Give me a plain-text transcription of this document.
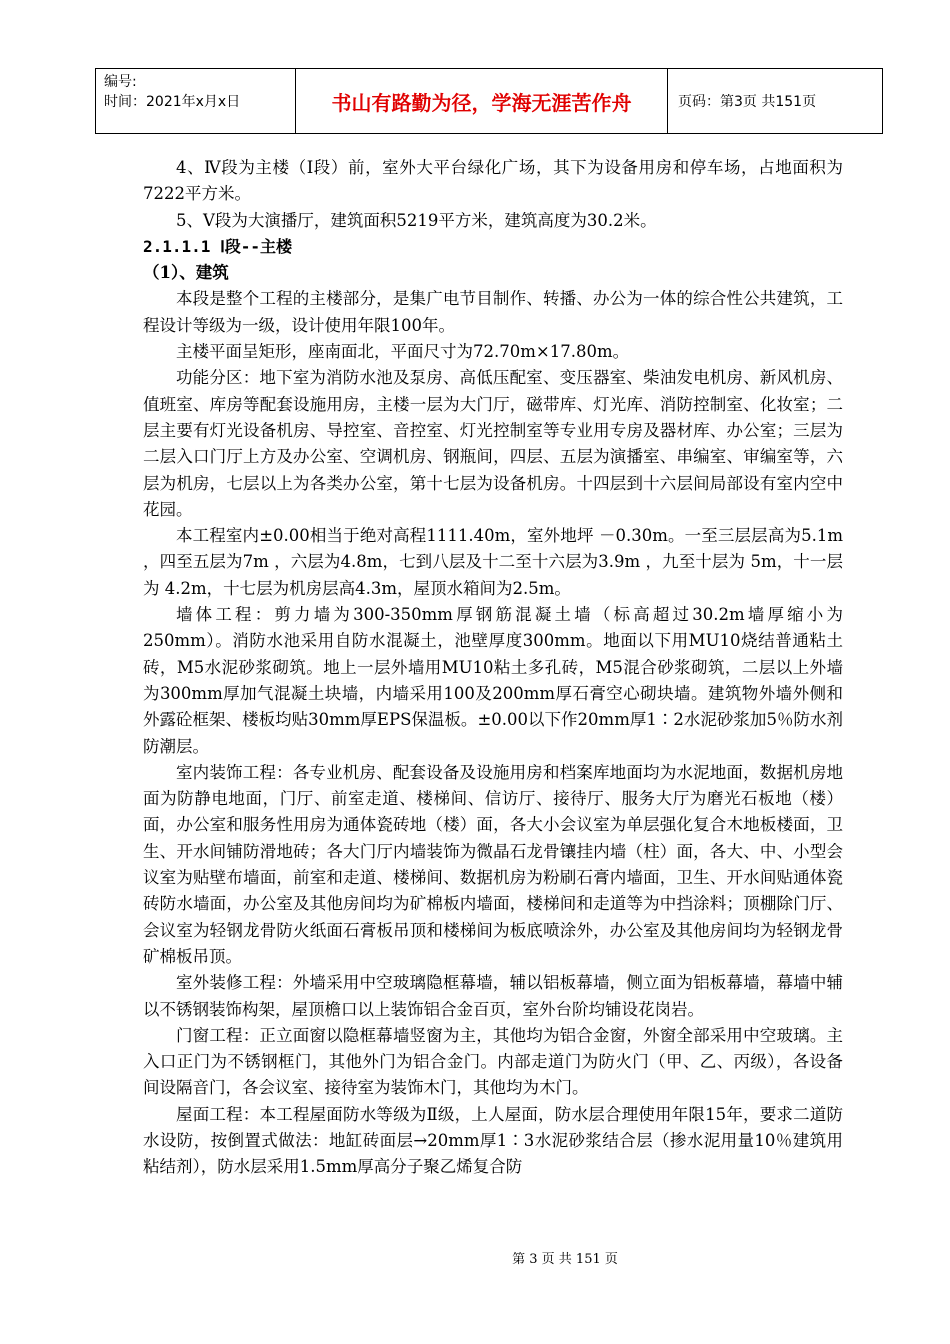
编号:
时间：2021年x月x日	书山有路勤为径，学海无涯苦作舟	页码：第3页 共151页

4、Ⅳ段为主楼（Ⅰ段）前，室外大平台绿化广场，其下为设备用房和停车场，占地面积为7222平方米。

5、Ⅴ段为大演播厅，建筑面积5219平方米，建筑高度为30.2米。

2.1.1.1 Ⅰ段--主楼

（1）、建筑

本段是整个工程的主楼部分，是集广电节目制作、转播、办公为一体的综合性公共建筑，工程设计等级为一级，设计使用年限100年。

主楼平面呈矩形，座南面北，平面尺寸为72.70m×17.80m。

功能分区：地下室为消防水池及泵房、高低压配室、变压器室、柴油发电机房、新风机房、值班室、库房等配套设施用房，主楼一层为大门厅，磁带库、灯光库、消防控制室、化妆室；二层主要有灯光设备机房、导控室、音控室、灯光控制室等专业用专房及器材库、办公室；三层为二层入口门厅上方及办公室、空调机房、钢瓶间，四层、五层为演播室、串编室、审编室等，六层为机房，七层以上为各类办公室，第十七层为设备机房。十四层到十六层间局部设有室内空中花园。

本工程室内±0.00相当于绝对高程1111.40m，室外地坪 －0.30m。一至三层层高为5.1m ，四至五层为7m ，六层为4.8m，七到八层及十二至十六层为3.9m ，九至十层为 5m，十一层为 4.2m，十七层为机房层高4.3m，屋顶水箱间为2.5m。

墙体工程：剪力墙为300-350mm厚钢筋混凝土墙（标高超过30.2m墙厚缩小为250mm）。消防水池采用自防水混凝土，池壁厚度300mm。地面以下用MU10烧结普通粘土砖，M5水泥砂浆砌筑。地上一层外墙用MU10粘土多孔砖，M5混合砂浆砌筑，二层以上外墙为300mm厚加气混凝土块墙，内墙采用100及200mm厚石膏空心砌块墙。建筑物外墙外侧和外露砼框架、楼板均贴30mm厚EPS保温板。±0.00以下作20mm厚1∶2水泥砂浆加5％防水剂防潮层。

室内装饰工程：各专业机房、配套设备及设施用房和档案库地面均为水泥地面，数据机房地面为防静电地面，门厅、前室走道、楼梯间、信访厅、接待厅、服务大厅为磨光石板地（楼）面，办公室和服务性用房为通体瓷砖地（楼）面，各大小会议室为单层强化复合木地板楼面，卫生、开水间铺防滑地砖；各大门厅内墙装饰为微晶石龙骨镶挂内墙（柱）面，各大、中、小型会议室为贴壁布墙面，前室和走道、楼梯间、数据机房为粉刷石膏内墙面，卫生、开水间贴通体瓷砖防水墙面，办公室及其他房间均为矿棉板内墙面，楼梯间和走道等为中挡涂料；顶棚除门厅、会议室为轻钢龙骨防火纸面石膏板吊顶和楼梯间为板底喷涂外，办公室及其他房间均为轻钢龙骨矿棉板吊顶。

室外装修工程：外墙采用中空玻璃隐框幕墙，辅以铝板幕墙，侧立面为铝板幕墙，幕墙中辅以不锈钢装饰构架，屋顶檐口以上装饰铝合金百页，室外台阶均铺设花岗岩。

门窗工程：正立面窗以隐框幕墙竖窗为主，其他均为铝合金窗，外窗全部采用中空玻璃。主入口正门为不锈钢框门，其他外门为铝合金门。内部走道门为防火门（甲、乙、丙级），各设备间设隔音门，各会议室、接待室为装饰木门，其他均为木门。

屋面工程：本工程屋面防水等级为Ⅱ级，上人屋面，防水层合理使用年限15年，要求二道防水设防，按倒置式做法：地缸砖面层→20mm厚1∶3水泥砂浆结合层（掺水泥用量10％建筑用粘结剂），防水层采用1.5mm厚高分子聚乙烯复合防

第 3 页 共 151 页
